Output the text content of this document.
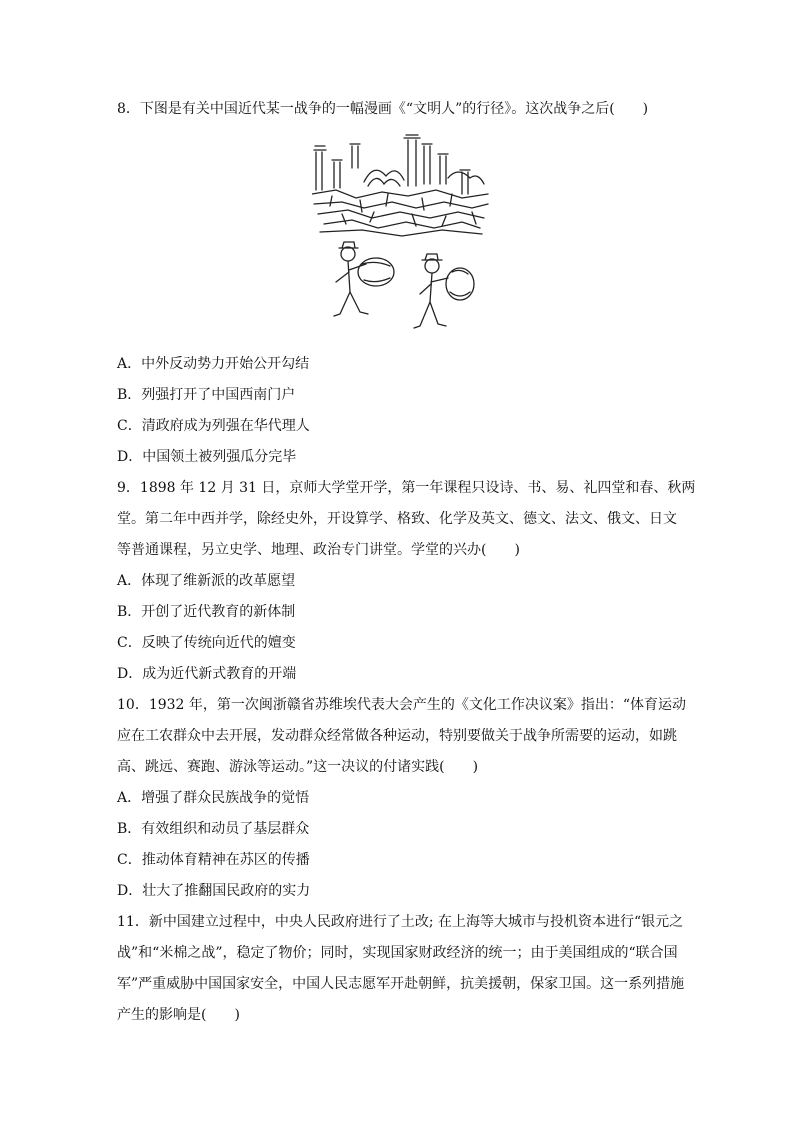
8．下图是有关中国近代某一战争的一幅漫画《“文明人”的行径》。这次战争之后(　　)
A．中外反动势力开始公开勾结
B．列强打开了中国西南门户
C．清政府成为列强在华代理人
D．中国领土被列强瓜分完毕
9．1898 年 12 月 31 日，京师大学堂开学，第一年课程只设诗、书、易、礼四堂和春、秋两
堂。第二年中西并学，除经史外，开设算学、格致、化学及英文、德文、法文、俄文、日文
等普通课程，另立史学、地理、政治专门讲堂。学堂的兴办(　　)
A．体现了维新派的改革愿望
B．开创了近代教育的新体制
C．反映了传统向近代的嬗变
D．成为近代新式教育的开端
10．1932 年，第一次闽浙赣省苏维埃代表大会产生的《文化工作决议案》指出：“体育运动
应在工农群众中去开展，发动群众经常做各种运动，特别要做关于战争所需要的运动，如跳
高、跳远、赛跑、游泳等运动。”这一决议的付诸实践(　　)
A．增强了群众民族战争的觉悟
B．有效组织和动员了基层群众
C．推动体育精神在苏区的传播
D．壮大了推翻国民政府的实力
11．新中国建立过程中，中央人民政府进行了土改; 在上海等大城市与投机资本进行“银元之
战”和“米棉之战”，稳定了物价；同时，实现国家财政经济的统一；由于美国组成的“联合国
军”严重威胁中国国家安全，中国人民志愿军开赴朝鲜，抗美援朝，保家卫国。这一系列措施
产生的影响是(　　)
